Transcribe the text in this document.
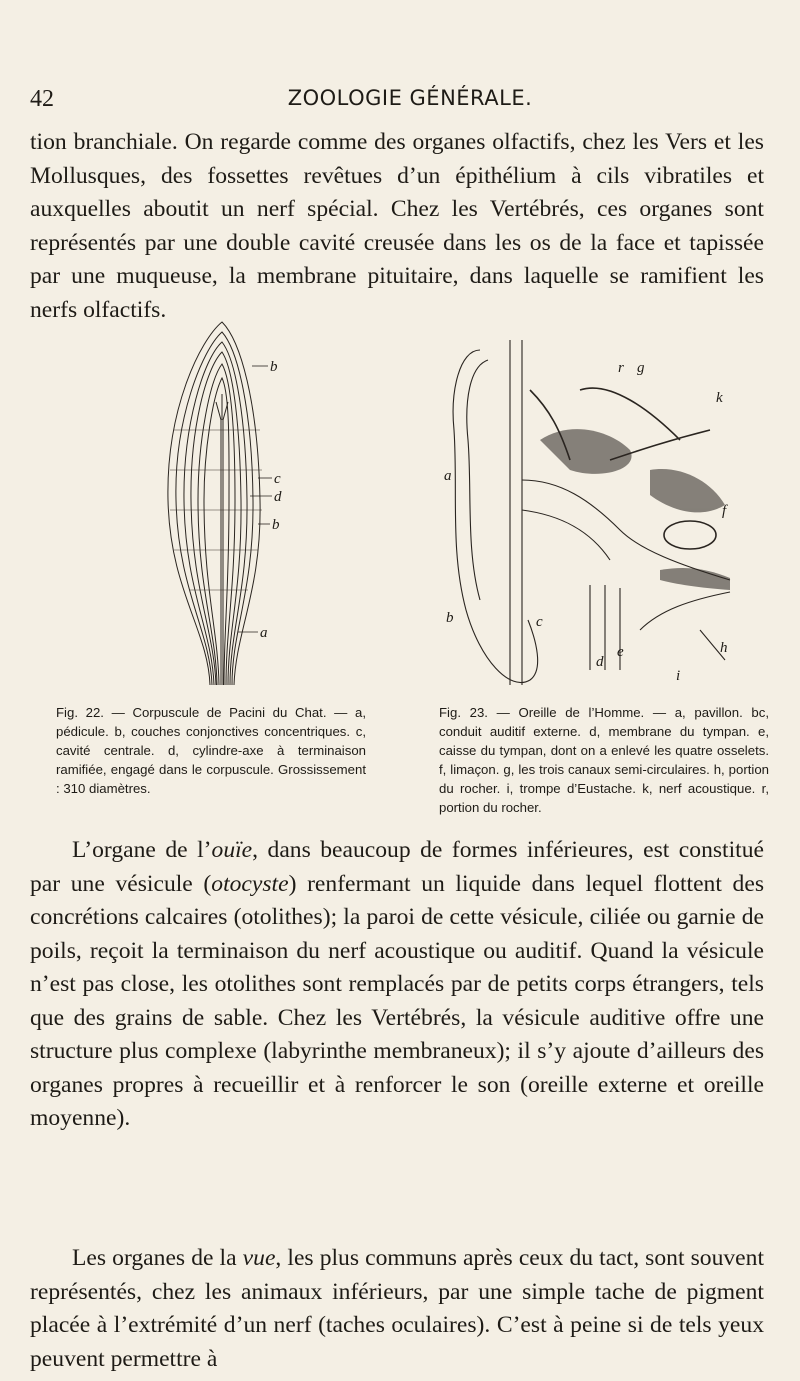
42	ZOOLOGIE GÉNÉRALE.

tion branchiale. On regarde comme des organes olfactifs, chez les Vers et les Mollusques, des fossettes revêtues d’un épithélium à cils vibratiles et auxquelles aboutit un nerf spécial. Chez les Vertébrés, ces organes sont représentés par une double cavité creusée dans les os de la face et tapissée par une muqueuse, la membrane pituitaire, dans laquelle se ramifient les nerfs olfactifs.

b
c
d
b
a
r g
k
a
f
b	c
d
e	h
i

Fig. 22. — Corpuscule de Pacini du Chat. — a, pédicule. b, couches conjonctives concentriques. c, cavité centrale. d, cylindre-axe à terminaison ramifiée, engagé dans le corpuscule. Grossissement : 310 diamètres.

Fig. 23. — Oreille de l’Homme. — a, pavillon. bc, conduit auditif externe. d, membrane du tympan. e, caisse du tympan, dont on a enlevé les quatre osselets. f, limaçon. g, les trois canaux semi-circulaires. h, portion du rocher. i, trompe d’Eustache. k, nerf acoustique. r, portion du rocher.

L’organe de l’ouïe, dans beaucoup de formes inférieures, est constitué par une vésicule (otocyste) renfermant un liquide dans lequel flottent des concrétions calcaires (otolithes); la paroi de cette vésicule, ciliée ou garnie de poils, reçoit la terminaison du nerf acoustique ou auditif. Quand la vésicule n’est pas close, les otolithes sont remplacés par de petits corps étrangers, tels que des grains de sable. Chez les Vertébrés, la vésicule auditive offre une structure plus complexe (labyrinthe membraneux); il s’y ajoute d’ailleurs des organes propres à recueillir et à renforcer le son (oreille externe et oreille moyenne).

Les organes de la vue, les plus communs après ceux du tact, sont souvent représentés, chez les animaux inférieurs, par une simple tache de pigment placée à l’extrémité d’un nerf (taches oculaires). C’est à peine si de tels yeux peuvent permettre à
